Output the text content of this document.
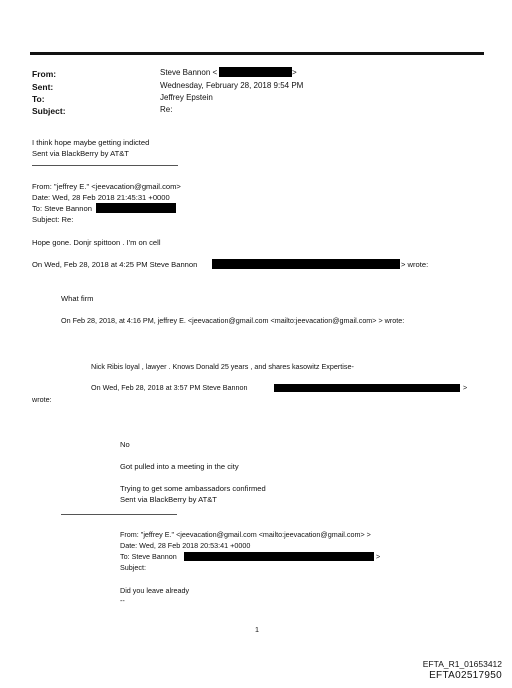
From:	Steve Bannon <	>
Sent:	Wednesday, February 28, 2018 9:54 PM
To:	Jeffrey Epstein
Subject:	Re:
I think hope maybe getting indicted
Sent via BlackBerry by AT&T
From: "jeffrey E." <jeevacation@gmail.com>
Date: Wed, 28 Feb 2018 21:45:31 +0000
To: Steve Bannon
Subject: Re:
Hope gone. Donjr spittoon . I'm on cell
On Wed, Feb 28, 2018 at 4:25 PM Steve Bannon	> wrote:
What firm
On Feb 28, 2018, at 4:16 PM, jeffrey E. <jeevacation@gmail.com <mailto:jeevacation@gmail.com> > wrote:
Nick Ribis loyal , lawyer . Knows Donald 25 years , and shares kasowitz Expertise-
On Wed, Feb 28, 2018 at 3:57 PM Steve Bannon	>
wrote:
No
Got pulled into a meeting in the city
Trying to get some ambassadors confirmed
Sent via BlackBerry by AT&T
From: "jeffrey E." <jeevacation@gmail.com <mailto:jeevacation@gmail.com> >
Date: Wed, 28 Feb 2018 20:53:41 +0000
To: Steve Bannon	>
Subject:
Did you leave already
--
1
EFTA_R1_01653412
EFTA02517950
